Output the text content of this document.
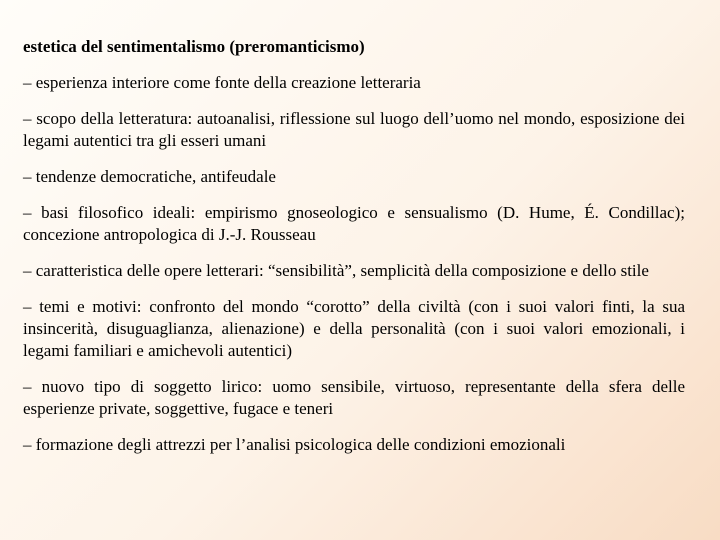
estetica del sentimentalismo (preromanticismo)
– esperienza interiore come fonte della creazione letteraria
– scopo della letteratura: autoanalisi, riflessione sul luogo dell’uomo nel mondo, esposizione dei legami autentici tra gli esseri umani
– tendenze democratiche, antifeudale
– basi filosofico ideali: empirismo gnoseologico e sensualismo (D. Hume, É. Condillac); concezione antropologica di J.-J. Rousseau
– caratteristica delle opere letterari: “sensibilità”, semplicità della composizione e dello stile
– temi e motivi: confronto del mondo “corotto” della civiltà (con i suoi valori finti, la sua insincerità, disuguaglianza, alienazione) e della personalità (con i suoi valori emozionali, i legami familiari e amichevoli autentici)
– nuovo tipo di soggetto lirico: uomo sensibile, virtuoso, representante della sfera delle esperienze private, soggettive, fugace e teneri
– formazione degli attrezzi per l’analisi psicologica delle condizioni emozionali
